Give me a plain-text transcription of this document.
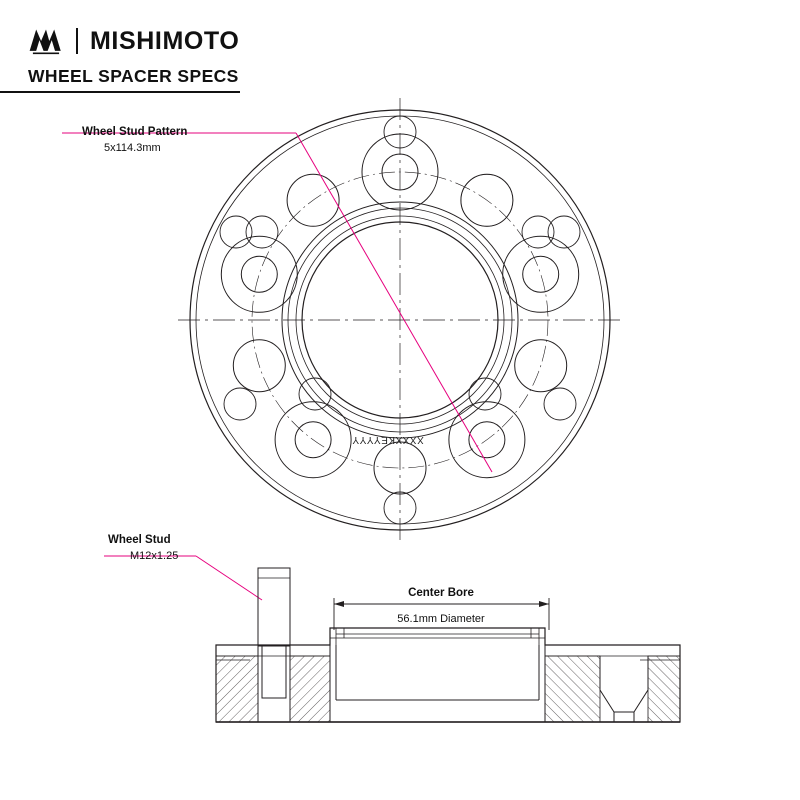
MISHIMOTO
WHEEL SPACER SPECS
Wheel Stud Pattern
5x114.3mm
Wheel Stud
M12x1.25
Center Bore
56.1mm Diameter
XXXXKEYYYY
